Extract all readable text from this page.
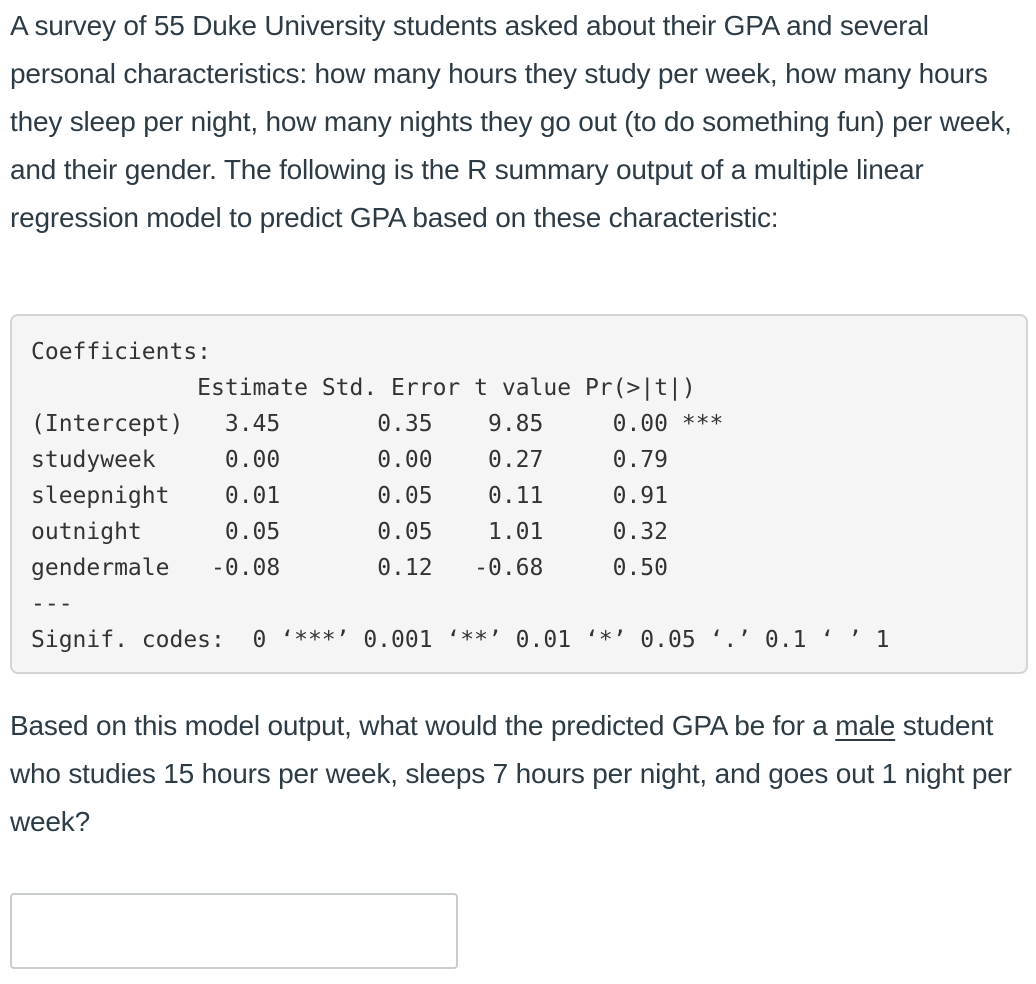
A survey of 55 Duke University students asked about their GPA and several personal characteristics: how many hours they study per week, how many hours they sleep per night, how many nights they go out (to do something fun) per week, and their gender. The following is the R summary output of a multiple linear regression model to predict GPA based on these characteristic:

Coefficients:
Estimate Std. Error t value Pr(>|t|)
(Intercept)   3.45       0.35    9.85     0.00 ***
studyweek     0.00       0.00    0.27     0.79
sleepnight    0.01       0.05    0.11     0.91
outnight      0.05       0.05    1.01     0.32
gendermale   -0.08       0.12   -0.68     0.50
---
Signif. codes:  0 ‘***’ 0.001 ‘**’ 0.01 ‘*’ 0.05 ‘.’ 0.1 ‘ ’ 1

Based on this model output, what would the predicted GPA be for a male student who studies 15 hours per week, sleeps 7 hours per night, and goes out 1 night per week?
